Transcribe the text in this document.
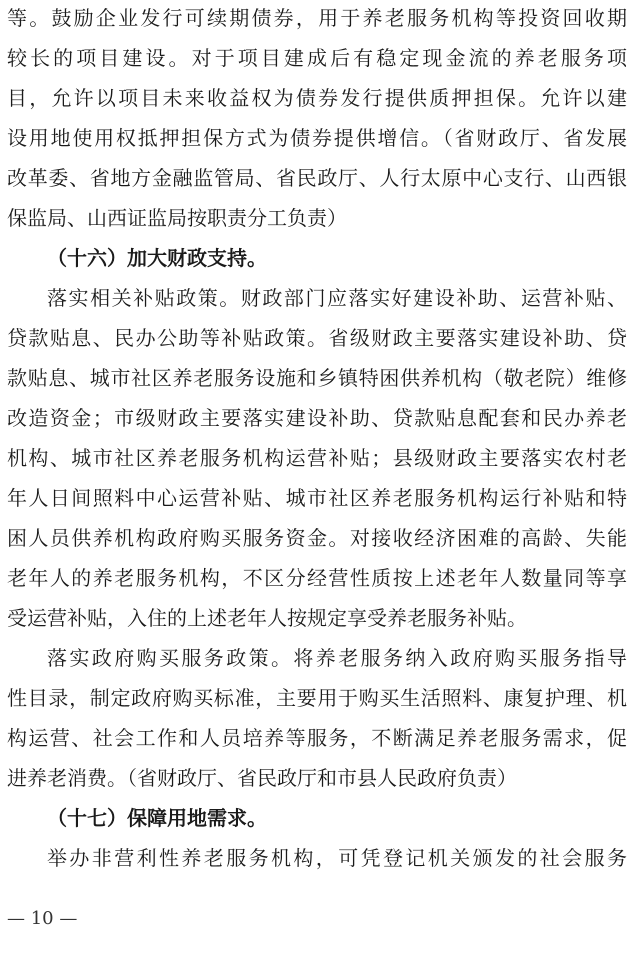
等。鼓励企业发行可续期债券，用于养老服务机构等投资回收期
较长的项目建设。对于项目建成后有稳定现金流的养老服务项
目，允许以项目未来收益权为债券发行提供质押担保。允许以建
设用地使用权抵押担保方式为债券提供增信。（省财政厅、省发展
改革委、省地方金融监管局、省民政厅、人行太原中心支行、山西银
保监局、山西证监局按职责分工负责）
（十六）加大财政支持。
落实相关补贴政策。财政部门应落实好建设补助、运营补贴、
贷款贴息、民办公助等补贴政策。省级财政主要落实建设补助、贷
款贴息、城市社区养老服务设施和乡镇特困供养机构（敬老院）维修
改造资金；市级财政主要落实建设补助、贷款贴息配套和民办养老
机构、城市社区养老服务机构运营补贴；县级财政主要落实农村老
年人日间照料中心运营补贴、城市社区养老服务机构运行补贴和特
困人员供养机构政府购买服务资金。对接收经济困难的高龄、失能
老年人的养老服务机构，不区分经营性质按上述老年人数量同等享
受运营补贴，入住的上述老年人按规定享受养老服务补贴。
落实政府购买服务政策。将养老服务纳入政府购买服务指导
性目录，制定政府购买标准，主要用于购买生活照料、康复护理、机
构运营、社会工作和人员培养等服务，不断满足养老服务需求，促
进养老消费。（省财政厅、省民政厅和市县人民政府负责）
（十七）保障用地需求。
举办非营利性养老服务机构，可凭登记机关颁发的社会服务
— 10 —
